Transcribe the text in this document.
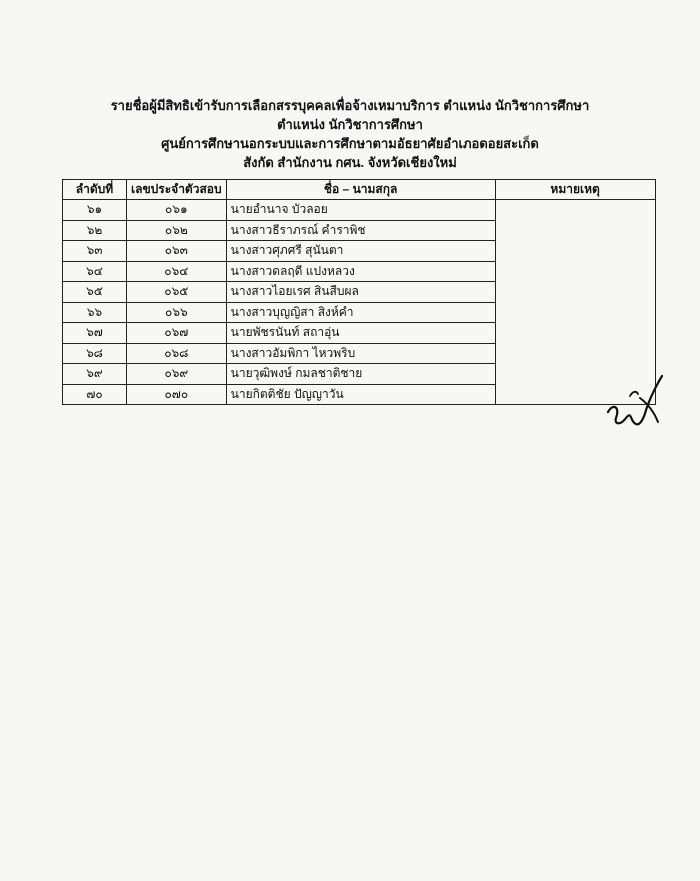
รายชื่อผู้มีสิทธิเข้ารับการเลือกสรรบุคคลเพื่อจ้างเหมาบริการ ตำแหน่ง นักวิชาการศึกษา
ตำแหน่ง นักวิชาการศึกษา
ศูนย์การศึกษานอกระบบและการศึกษาตามอัธยาศัยอำเภอดอยสะเก็ด
สังกัด สำนักงาน กศน. จังหวัดเชียงใหม่
ลำดับที่	เลขประจำตัวสอบ	ชื่อ – นามสกุล	หมายเหตุ
๖๑	๐๖๑	นายอำนาจ บัวลอย	
๖๒	๐๖๒	นางสาวธีราภรณ์ คำราพิช	
๖๓	๐๖๓	นางสาวศุภศรี สุนันตา	
๖๔	๐๖๔	นางสาวดลฤดี แปงหลวง	
๖๕	๐๖๕	นางสาวไอยเรศ สินสืบผล	
๖๖	๐๖๖	นางสาวบุญญิสา สิงห์คำ	
๖๗	๐๖๗	นายพัชรนันท์ สถาอุ่น	
๖๘	๐๖๘	นางสาวอัมพิกา ไหวพริบ	
๖๙	๐๖๙	นายวุฒิพงษ์ กมลชาติชาย	
๗๐	๐๗๐	นายกิตติชัย ปัญญาวัน	
